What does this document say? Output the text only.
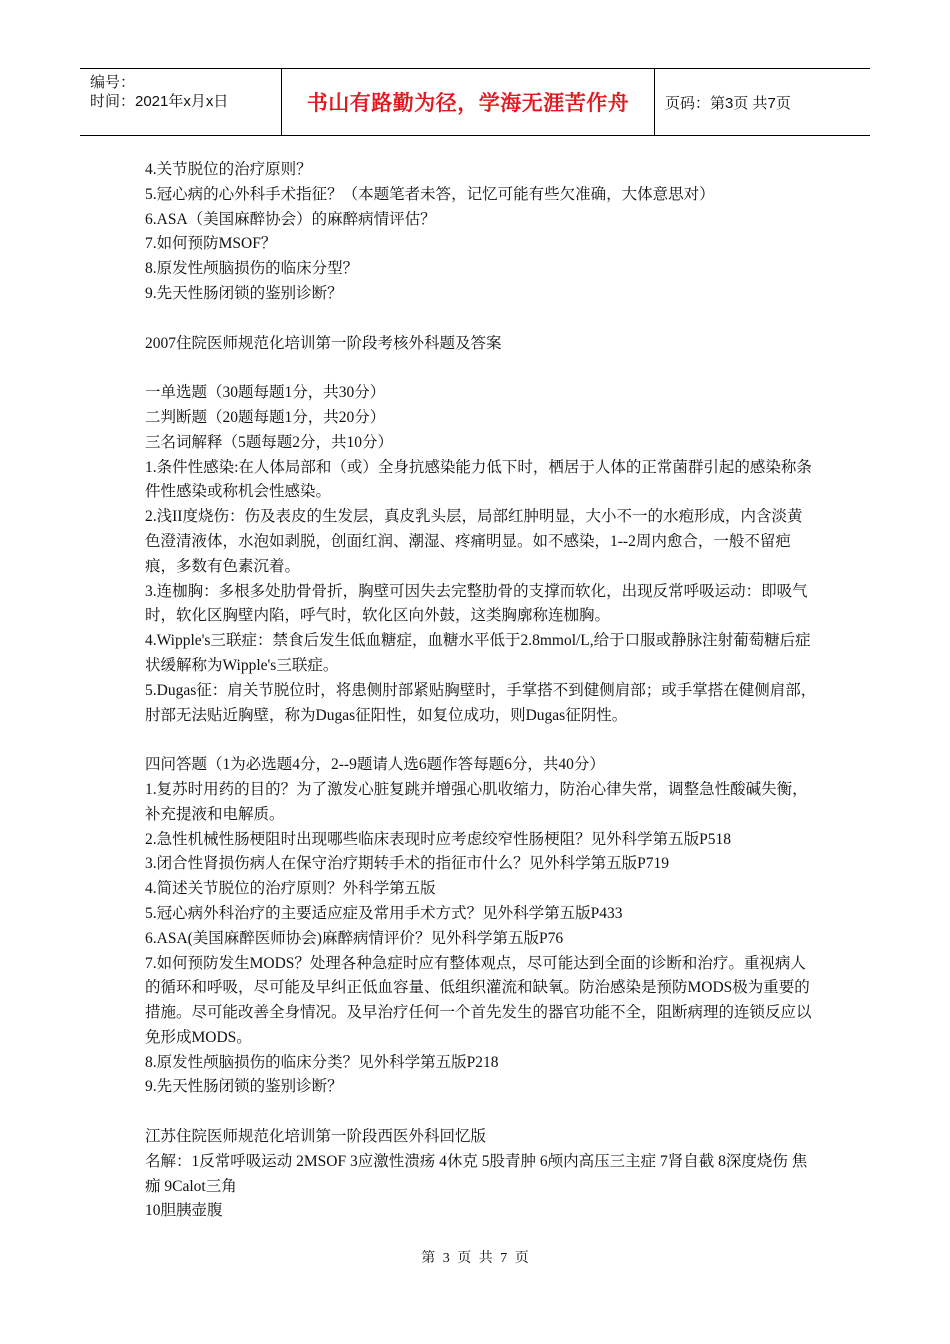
编号：
时间：2021年x月x日	书山有路勤为径，学海无涯苦作舟 页码：第3页 共7页
4.关节脱位的治疗原则？
5.冠心病的心外科手术指征？（本题笔者未答，记忆可能有些欠准确，大体意思对）
6.ASA（美国麻醉协会）的麻醉病情评估？
7.如何预防MSOF？
8.原发性颅脑损伤的临床分型？
9.先天性肠闭锁的鉴别诊断？
2007住院医师规范化培训第一阶段考核外科题及答案
一单选题（30题每题1分，共30分）
二判断题（20题每题1分，共20分）
三名词解释（5题每题2分，共10分）
1.条件性感染:在人体局部和（或）全身抗感染能力低下时，栖居于人体的正常菌群引起的感染称条件性感染或称机会性感染。
2.浅II度烧伤：伤及表皮的生发层，真皮乳头层，局部红肿明显，大小不一的水疱形成，内含淡黄色澄清液体，水泡如剥脱，创面红润、潮湿、疼痛明显。如不感染，1--2周内愈合，一般不留疤痕，多数有色素沉着。
3.连枷胸：多根多处肋骨骨折，胸壁可因失去完整肋骨的支撑而软化，出现反常呼吸运动：即吸气时，软化区胸壁内陷，呼气时，软化区向外鼓，这类胸廓称连枷胸。
4.Wipple's三联症：禁食后发生低血糖症，血糖水平低于2.8mmol/L,给于口服或静脉注射葡萄糖后症状缓解称为Wipple's三联症。
5.Dugas征：肩关节脱位时，将患侧肘部紧贴胸壁时，手掌搭不到健侧肩部；或手掌搭在健侧肩部，肘部无法贴近胸壁，称为Dugas征阳性，如复位成功，则Dugas征阴性。
四问答题（1为必选题4分，2--9题请人选6题作答每题6分，共40分）
1.复苏时用药的目的？为了激发心脏复跳并增强心肌收缩力，防治心律失常，调整急性酸碱失衡，补充提液和电解质。
2.急性机械性肠梗阻时出现哪些临床表现时应考虑绞窄性肠梗阻？见外科学第五版P518
3.闭合性肾损伤病人在保守治疗期转手术的指征市什么？见外科学第五版P719
4.简述关节脱位的治疗原则？外科学第五版
5.冠心病外科治疗的主要适应症及常用手术方式？见外科学第五版P433
6.ASA(美国麻醉医师协会)麻醉病情评价？见外科学第五版P76
7.如何预防发生MODS？处理各种急症时应有整体观点，尽可能达到全面的诊断和治疗。重视病人的循环和呼吸，尽可能及早纠正低血容量、低组织灌流和缺氧。防治感染是预防MODS极为重要的措施。尽可能改善全身情况。及早治疗任何一个首先发生的器官功能不全，阻断病理的连锁反应以免形成MODS。
8.原发性颅脑损伤的临床分类？见外科学第五版P218
9.先天性肠闭锁的鉴别诊断？
江苏住院医师规范化培训第一阶段西医外科回忆版
名解：1反常呼吸运动 2MSOF 3应激性溃疡 4休克 5股青肿 6颅内高压三主症 7肾自截 8深度烧伤 焦痂 9Calot三角
10胆胰壶腹
第 3 页 共 7 页
